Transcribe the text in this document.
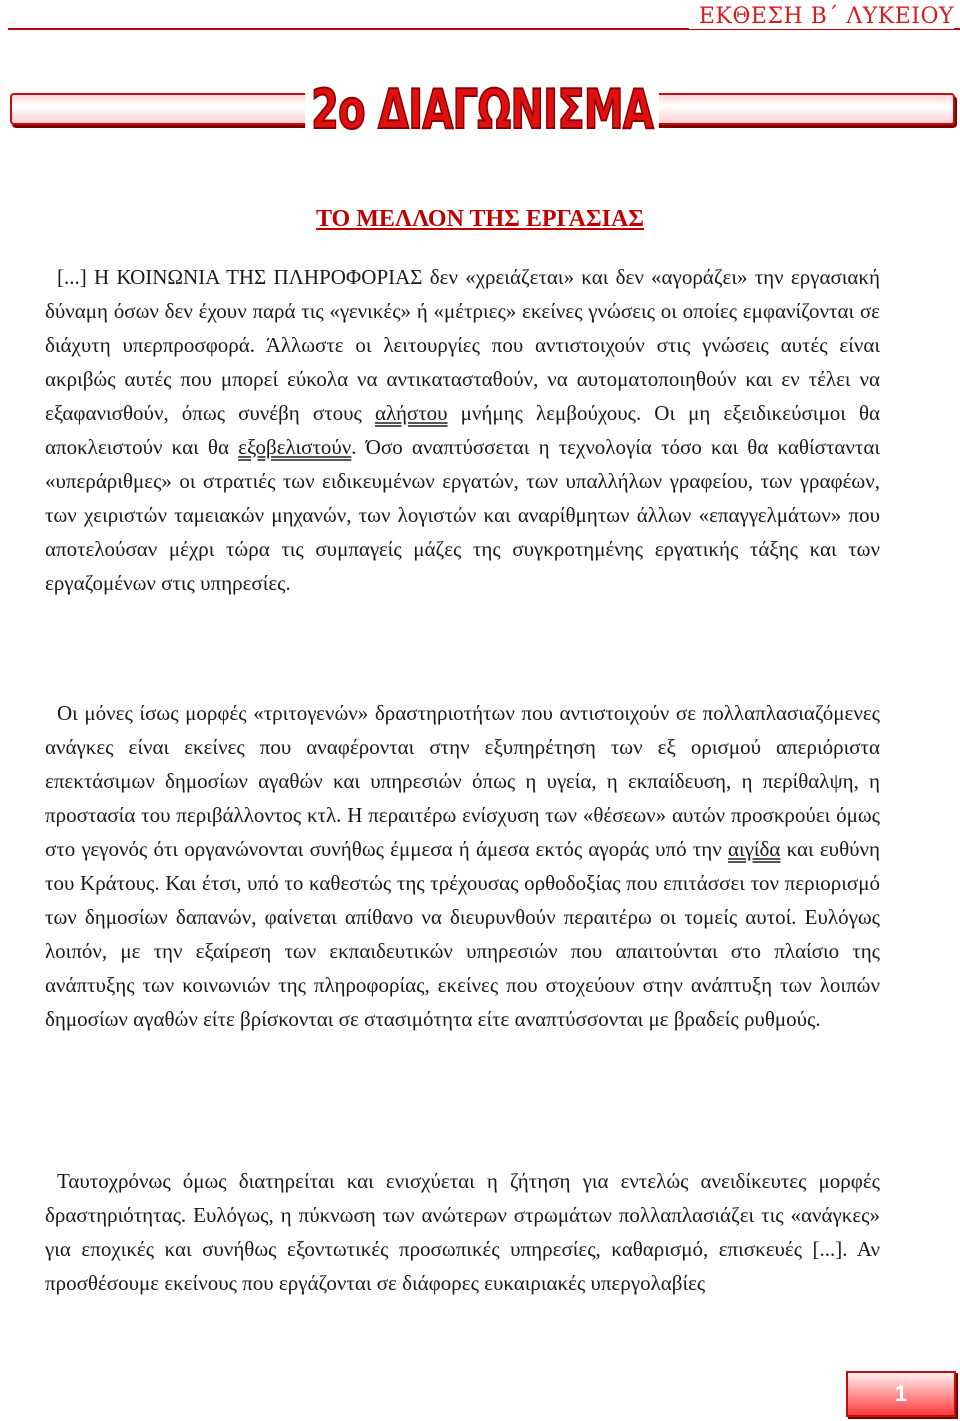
ΕΚΘΕΣΗ Β΄ ΛΥΚΕΙΟΥ
2ο ΔΙΑΓΩΝΙΣΜΑ
ΤΟ ΜΕΛΛΟΝ ΤΗΣ ΕΡΓΑΣΙΑΣ
[...] Η ΚΟΙΝΩΝΙΑ ΤΗΣ ΠΛΗΡΟΦΟΡΙΑΣ δεν «χρειάζεται» και δεν «αγοράζει» την εργασιακή δύναμη όσων δεν έχουν παρά τις «γενικές» ή «μέτριες» εκείνες γνώσεις οι οποίες εμφανίζονται σε διάχυτη υπερπροσφορά. Άλλωστε οι λειτουργίες που αντιστοιχούν στις γνώσεις αυτές είναι ακριβώς αυτές που μπορεί εύκολα να αντικατασταθούν, να αυτοματοποιηθούν και εν τέλει να εξαφανισθούν, όπως συνέβη στους αλήστου μνήμης λεμβούχους. Οι μη εξειδικεύσιμοι θα αποκλειστούν και θα εξοβελιστούν. Όσο αναπτύσσεται η τεχνολογία τόσο και θα καθίστανται «υπεράριθμες» οι στρατιές των ειδικευμένων εργατών, των υπαλλήλων γραφείου, των γραφέων, των χειριστών ταμειακών μηχανών, των λογιστών και αναρίθμητων άλλων «επαγγελμάτων» που αποτελούσαν μέχρι τώρα τις συμπαγείς μάζες της συγκροτημένης εργατικής τάξης και των εργαζομένων στις υπηρεσίες.
Οι μόνες ίσως μορφές «τριτογενών» δραστηριοτήτων που αντιστοιχούν σε πολλαπλασιαζόμενες ανάγκες είναι εκείνες που αναφέρονται στην εξυπηρέτηση των εξ ορισμού απεριόριστα επεκτάσιμων δημοσίων αγαθών και υπηρεσιών όπως η υγεία, η εκπαίδευση, η περίθαλψη, η προστασία του περιβάλλοντος κτλ. Η περαιτέρω ενίσχυση των «θέσεων» αυτών προσκρούει όμως στο γεγονός ότι οργανώνονται συνήθως έμμεσα ή άμεσα εκτός αγοράς υπό την αιγίδα και ευθύνη του Κράτους. Και έτσι, υπό το καθεστώς της τρέχουσας ορθοδοξίας που επιτάσσει τον περιορισμό των δημοσίων δαπανών, φαίνεται απίθανο να διευρυνθούν περαιτέρω οι τομείς αυτοί. Ευλόγως λοιπόν, με την εξαίρεση των εκπαιδευτικών υπηρεσιών που απαιτούνται στο πλαίσιο της ανάπτυξης των κοινωνιών της πληροφορίας, εκείνες που στοχεύουν στην ανάπτυξη των λοιπών δημοσίων αγαθών είτε βρίσκονται σε στασιμότητα είτε αναπτύσσονται με βραδείς ρυθμούς.
Ταυτοχρόνως όμως διατηρείται και ενισχύεται η ζήτηση για εντελώς ανειδίκευτες μορφές δραστηριότητας. Ευλόγως, η πύκνωση των ανώτερων στρωμάτων πολλαπλασιάζει τις «ανάγκες» για εποχικές και συνήθως εξοντωτικές προσωπικές υπηρεσίες, καθαρισμό, επισκευές [...]. Αν προσθέσουμε εκείνους που εργάζονται σε διάφορες ευκαιριακές υπεργολαβίες
1
